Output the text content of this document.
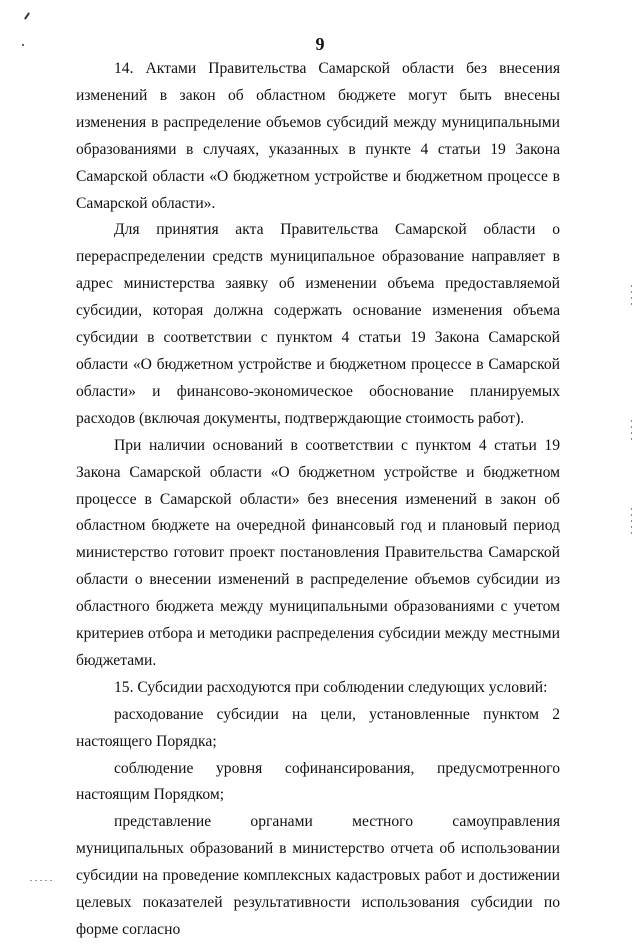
9

14. Актами Правительства Самарской области без внесения изменений в закон об областном бюджете могут быть внесены изменения в распределение объемов субсидий между муниципальными образованиями в случаях, указанных в пункте 4 статьи 19 Закона Самарской области «О бюджетном устройстве и бюджетном процессе в Самарской области».

Для принятия акта Правительства Самарской области о перераспределении средств муниципальное образование направляет в адрес министерства заявку об изменении объема предоставляемой субсидии, которая должна содержать основание изменения объема субсидии в соответствии с пунктом 4 статьи 19 Закона Самарской области «О бюджетном устройстве и бюджетном процессе в Самарской области» и финансово-экономическое обоснование планируемых расходов (включая документы, подтверждающие стоимость работ).

При наличии оснований в соответствии с пунктом 4 статьи 19 Закона Самарской области «О бюджетном устройстве и бюджетном процессе в Самарской области» без внесения изменений в закон об областном бюджете на очередной финансовый год и плановый период министерство готовит проект постановления Правительства Самарской области о внесении изменений в распределение объемов субсидии из областного бюджета между муниципальными образованиями с учетом критериев отбора и методики распределения субсидии между местными бюджетами.

15. Субсидии расходуются при соблюдении следующих условий:

расходование субсидии на цели, установленные пунктом 2 настоящего Порядка;

соблюдение уровня софинансирования, предусмотренного настоящим Порядком;

представление органами местного самоуправления муниципальных образований в министерство отчета об использовании субсидии на проведение комплексных кадастровых работ и достижении целевых показателей результативности использования субсидии по форме согласно
